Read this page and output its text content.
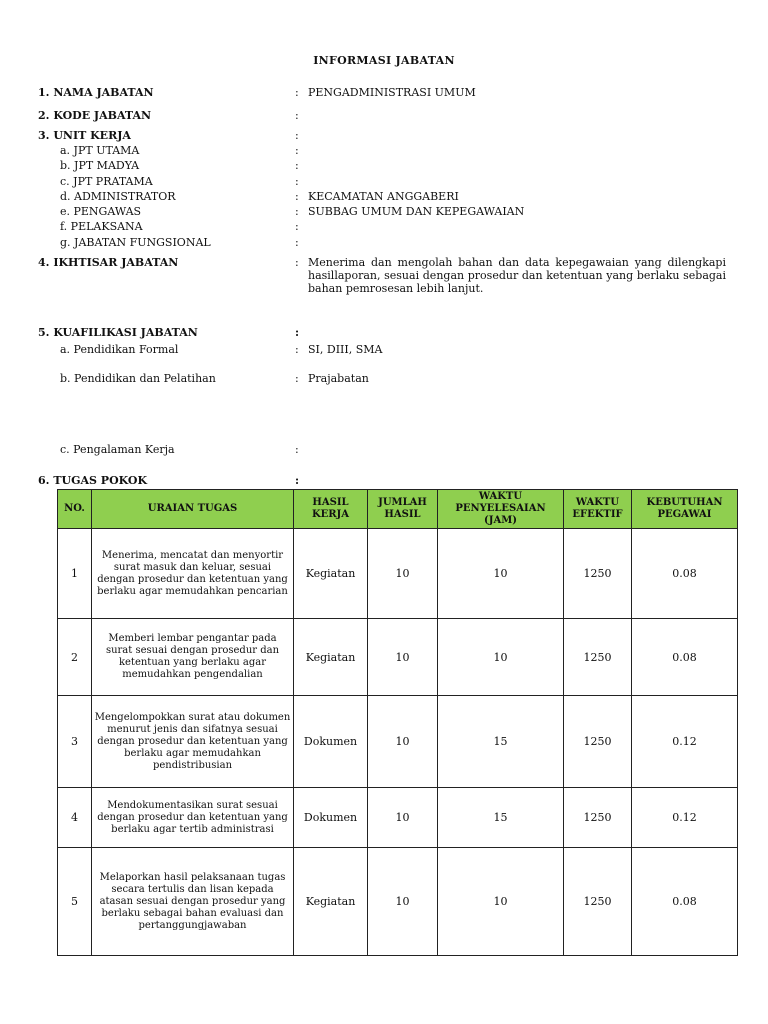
INFORMASI JABATAN
1. NAMA JABATAN	: PENGADMINISTRASI UMUM
2. KODE JABATAN	:
3. UNIT KERJA	:
a. JPT UTAMA	:
b. JPT MADYA	:
c. JPT PRATAMA	:
d. ADMINISTRATOR	: KECAMATAN ANGGABERI
e. PENGAWAS	: SUBBAG UMUM DAN KEPEGAWAIAN
f. PELAKSANA	:
g. JABATAN FUNGSIONAL	:
4. IKHTISAR JABATAN	: Menerima dan mengolah bahan dan data kepegawaian yang dilengkapi hasillaporan, sesuai dengan prosedur dan ketentuan yang berlaku sebagai bahan pemrosesan lebih lanjut.
5. KUAFILIKASI JABATAN	:
a. Pendidikan Formal	: SI, DIII, SMA
b. Pendidikan dan Pelatihan	: Prajabatan
c. Pengalaman Kerja	:
6. TUGAS POKOK	:
NO.	URAIAN TUGAS	HASIL KERJA	JUMLAH HASIL	WAKTU PENYELESAIAN (JAM)	WAKTU EFEKTIF	KEBUTUHAN PEGAWAI
1	Menerima, mencatat dan menyortir surat masuk dan keluar, sesuai dengan prosedur dan ketentuan yang berlaku agar memudahkan pencarian	Kegiatan	10	10	1250	0.08
2	Memberi lembar pengantar pada surat sesuai dengan prosedur dan ketentuan yang berlaku agar memudahkan pengendalian	Kegiatan	10	10	1250	0.08
3	Mengelompokkan surat atau dokumen menurut jenis dan sifatnya sesuai dengan prosedur dan ketentuan yang berlaku agar memudahkan pendistribusian	Dokumen	10	15	1250	0.12
4	Mendokumentasikan surat sesuai dengan prosedur dan ketentuan yang berlaku agar tertib administrasi	Dokumen	10	15	1250	0.12
5	Melaporkan hasil pelaksanaan tugas secara tertulis dan lisan kepada atasan sesuai dengan prosedur yang berlaku sebagai bahan evaluasi dan pertanggungjawaban	Kegiatan	10	10	1250	0.08
